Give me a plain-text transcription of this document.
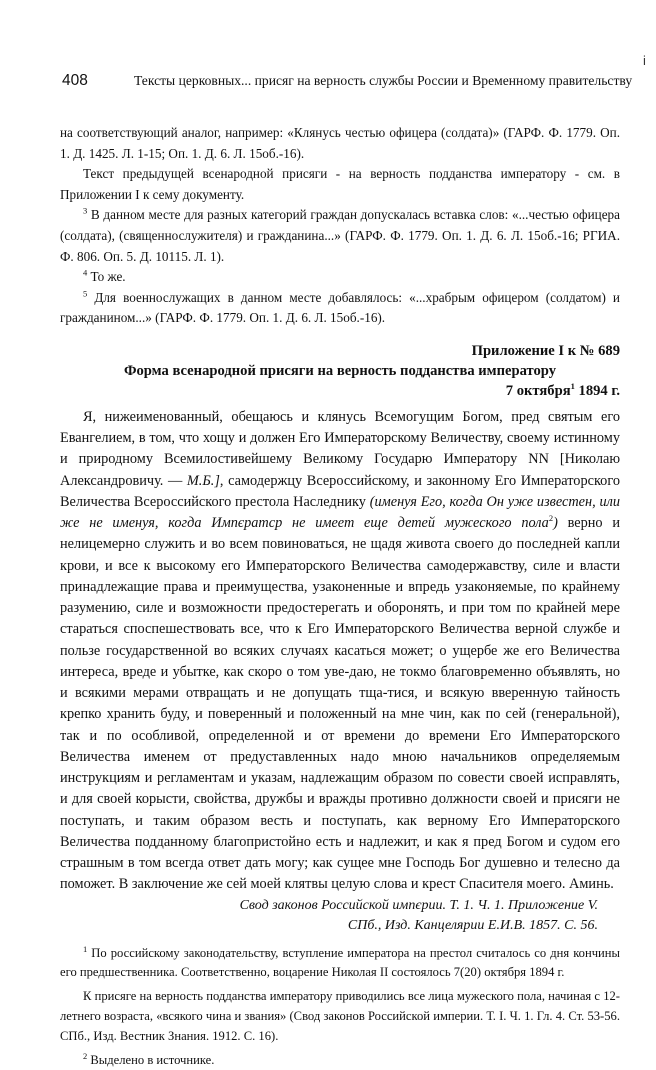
i
408	Тексты церковных... присяг на верность службы России и Временному правительству

на соответствующий аналог, например: «Клянусь честью офицера (солдата)» (ГАРФ. Ф. 1779. Оп. 1. Д. 1425. Л. 1-15; Оп. 1. Д. 6. Л. 15об.-16).

Текст предыдущей всенародной присяги - на верность подданства императору - см. в Приложении I к сему документу.

$^3$ В данном месте для разных категорий граждан допускалась вставка слов: «...честью офицера (солдата), (священнослужителя) и гражданина...» (ГАРФ. Ф. 1779. Оп. 1. Д. 6. Л. 15об.-16; РГИА. Ф. 806. Оп. 5. Д. 10115. Л. 1).

$^4$ То же.

$^5$ Для военнослужащих в данном месте добавлялось: «...храбрым офицером (солдатом) и гражданином...» (ГАРФ. Ф. 1779. Оп. 1. Д. 6. Л. 15об.-16).

Приложение I к № 689

Форма всенародной присяги на верность подданства императору

7 октября$^1$ 1894 г.

Я, нижеименованный, обещаюсь и клянусь Всемогущим Богом, пред святым его Евангелием, в том, что хощу и должен Его Императорскому Величеству, своему истинному и природному Всемилостивейшему Великому Государю Императору NN [Николаю Александровичу. — М.Б.], самодержцу Всероссийскому, и законному Его Императорского Величества Всероссийского престола Наследнику (именуя Его, когда Он уже известен, или же не именуя, когда Импєратср не имеет еще детей мужеского пола$^2$) верно и нелицемерно служить и во всем повиноваться, не щадя живота своего до последней капли крови, и все к высокому его Императорского Величества самодержавству, силе и власти принадлежащие права и преимущества, узаконенные и впредь узаконяемые, по крайнему разумению, силе и возможности предостерегать и оборонять, и при том по крайней мере стараться споспешествовать все, что к Его Императорского Величества верной службе и пользе государственной во всяких случаях касаться может; о ущербе же его Величества интереса, вреде и убытке, как скоро о том уве-даю, не токмо благовременно объявлять, но и всякими мерами отвращать и не допущать тща-тися, и всякую вверенную тайность крепко хранить буду, и поверенный и положенный на мне чин, как по сей (генеральной), так и по особливой, определенной и от времени до времени Его Императорского Величества именем от предуставленных надо мною начальников определяемым инструкциям и регламентам и указам, надлежащим образом по совести своей исправлять, и для своей корысти, свойства, дружбы и вражды противно должности своей и присяги не поступать, и таким образом весть и поступать, как верному Его Императорского Величества подданному благопристойно есть и надлежит, и как я пред Богом и судом его страшным в том всегда ответ дать могу; как сущее мне Господь Бог душевно и телесно да поможет. В заключение же сей моей клятвы целую слова и крест Спасителя моего. Аминь.

Свод законов Российской импєрии. Т. 1. Ч. 1. Приложение V.

СПб., Изд. Канцелярии Е.И.В. 1857. С. 56.

$^1$ По российскому законодательству, вступление императора на престол считалось со дня кончины его предшественника. Соответственно, воцарение Николая II состоялось 7(20) октября 1894 г.

К присяге на верность подданства императору приводились все лица мужеского пола, начиная с 12-летнего возраста, «всякого чина и звания» (Свод законов Российской империи. Т. I. Ч. 1. Гл. 4. Ст. 53-56. СПб., Изд. Вестник Знания. 1912. С. 16).

$^2$ Выделено в источнике.
